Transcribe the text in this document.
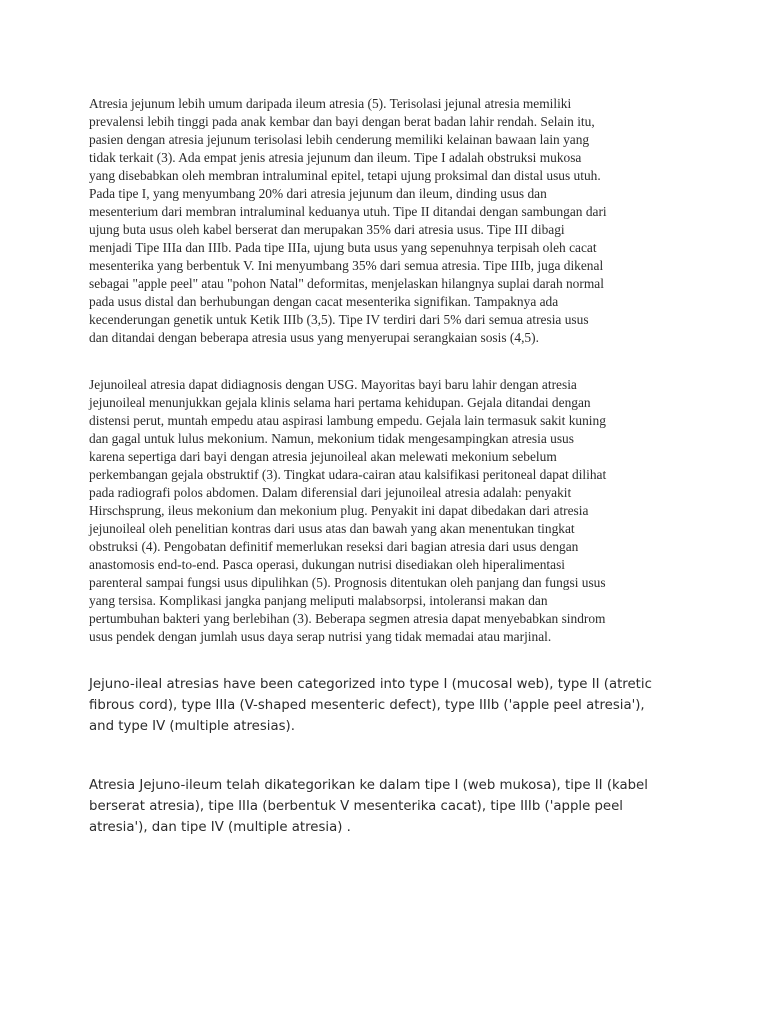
Atresia jejunum lebih umum daripada ileum atresia (5). Terisolasi jejunal atresia memiliki
prevalensi lebih tinggi pada anak kembar dan bayi dengan berat badan lahir rendah. Selain itu,
pasien dengan atresia jejunum terisolasi lebih cenderung memiliki kelainan bawaan lain yang
tidak terkait (3). Ada empat jenis atresia jejunum dan ileum. Tipe I adalah obstruksi mukosa
yang disebabkan oleh membran intraluminal epitel, tetapi ujung proksimal dan distal usus utuh.
Pada tipe I, yang menyumbang 20% dari atresia jejunum dan ileum, dinding usus dan
mesenterium dari membran intraluminal keduanya utuh. Tipe II ditandai dengan sambungan dari
ujung buta usus oleh kabel berserat dan merupakan 35% dari atresia usus. Tipe III dibagi
menjadi Tipe IIIa dan IIIb. Pada tipe IIIa, ujung buta usus yang sepenuhnya terpisah oleh cacat
mesenterika yang berbentuk V. Ini menyumbang 35% dari semua atresia. Tipe IIIb, juga dikenal
sebagai "apple peel" atau "pohon Natal" deformitas, menjelaskan hilangnya suplai darah normal
pada usus distal dan berhubungan dengan cacat mesenterika signifikan. Tampaknya ada
kecenderungan genetik untuk Ketik IIIb (3,5). Tipe IV terdiri dari 5% dari semua atresia usus
dan ditandai dengan beberapa atresia usus yang menyerupai serangkaian sosis (4,5).

Jejunoileal atresia dapat didiagnosis dengan USG. Mayoritas bayi baru lahir dengan atresia
jejunoileal menunjukkan gejala klinis selama hari pertama kehidupan. Gejala ditandai dengan
distensi perut, muntah empedu atau aspirasi lambung empedu. Gejala lain termasuk sakit kuning
dan gagal untuk lulus mekonium. Namun, mekonium tidak mengesampingkan atresia usus
karena sepertiga dari bayi dengan atresia jejunoileal akan melewati mekonium sebelum
perkembangan gejala obstruktif (3). Tingkat udara-cairan atau kalsifikasi peritoneal dapat dilihat
pada radiografi polos abdomen. Dalam diferensial dari jejunoileal atresia adalah: penyakit
Hirschsprung, ileus mekonium dan mekonium plug. Penyakit ini dapat dibedakan dari atresia
jejunoileal oleh penelitian kontras dari usus atas dan bawah yang akan menentukan tingkat
obstruksi (4). Pengobatan definitif memerlukan reseksi dari bagian atresia dari usus dengan
anastomosis end-to-end. Pasca operasi, dukungan nutrisi disediakan oleh hiperalimentasi
parenteral sampai fungsi usus dipulihkan (5). Prognosis ditentukan oleh panjang dan fungsi usus
yang tersisa. Komplikasi jangka panjang meliputi malabsorpsi, intoleransi makan dan
pertumbuhan bakteri yang berlebihan (3). Beberapa segmen atresia dapat menyebabkan sindrom
usus pendek dengan jumlah usus daya serap nutrisi yang tidak memadai atau marjinal.

Jejuno-ileal atresias have been categorized into type I (mucosal web), type II (atretic
fibrous cord), type IIIa (V-shaped mesenteric defect), type IIIb ('apple peel atresia'),
and type IV (multiple atresias).

Atresia Jejuno-ileum telah dikategorikan ke dalam tipe I (web mukosa), tipe II (kabel
berserat atresia), tipe IIIa (berbentuk V mesenterika cacat), tipe IIIb ('apple peel
atresia'), dan tipe IV (multiple atresia) .
